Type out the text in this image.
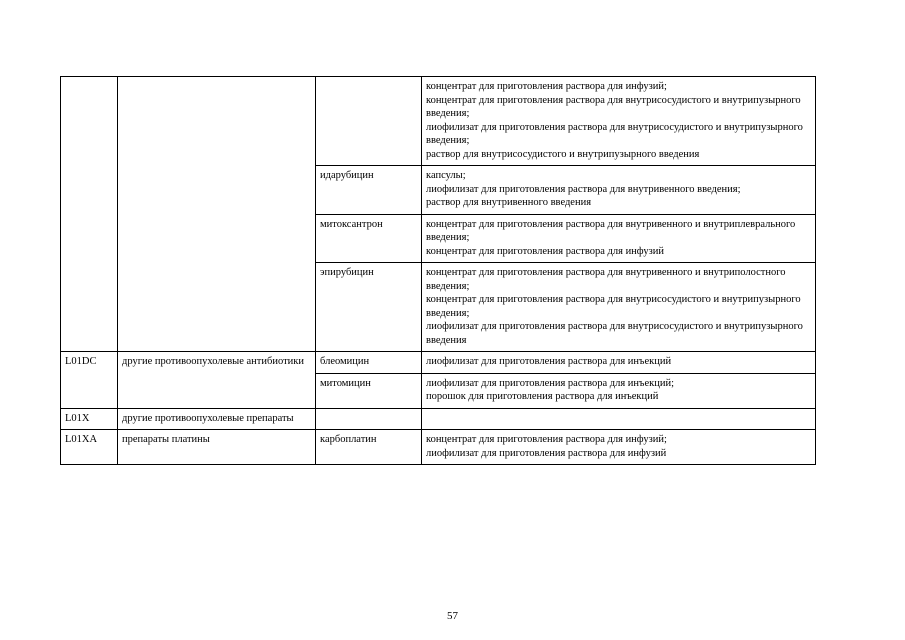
			концентрат для приготовления раствора для инфузий;
концентрат для приготовления раствора для внутрисосудистого и внутрипузырного введения;
лиофилизат для приготовления раствора для внутрисосудистого и внутрипузырного введения;
раствор для внутрисосудистого и внутрипузырного введения

		идарубицин	капсулы;
лиофилизат для приготовления раствора для внутривенного введения;
раствор для внутривенного введения

		митоксантрон	концентрат для приготовления раствора для внутривенного и внутриплеврального введения;
концентрат для приготовления раствора для инфузий

		эпирубицин	концентрат для приготовления раствора для внутривенного и внутриполостного введения;
концентрат для приготовления раствора для внутрисосудистого и внутрипузырного введения;
лиофилизат для приготовления раствора для внутрисосудистого и внутрипузырного введения

L01DC	другие противоопухолевые антибиотики	блеомицин	лиофилизат для приготовления раствора для инъекций

		митомицин	лиофилизат для приготовления раствора для инъекций;
порошок для приготовления раствора для инъекций

L01X	другие противоопухолевые препараты		
L01XA	препараты платины	карбоплатин	концентрат для приготовления раствора для инфузий;
лиофилизат для приготовления раствора для инфузий
57
